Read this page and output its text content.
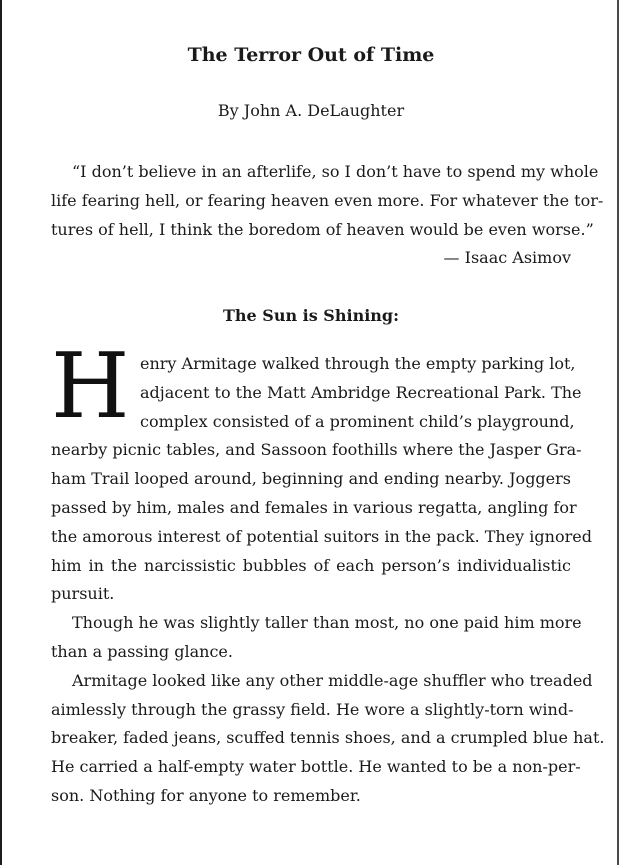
The Terror Out of Time

By John A. DeLaughter

“I don’t believe in an afterlife, so I don’t have to spend my whole
life fearing hell, or fearing heaven even more. For whatever the tor-
tures of hell, I think the boredom of heaven would be even worse.”
— Isaac Asimov
The Sun is Shining:
H enry Armitage walked through the empty parking lot,
adjacent to the Matt Ambridge Recreational Park. The
complex consisted of a prominent child’s playground,
nearby picnic tables, and Sassoon foothills where the Jasper Gra-
ham Trail looped around, beginning and ending nearby. Joggers
passed by him, males and females in various regatta, angling for
the amorous interest of potential suitors in the pack. They ignored
him in the narcissistic bubbles of each person’s individualistic
pursuit.
Though he was slightly taller than most, no one paid him more
than a passing glance.
Armitage looked like any other middle-age shuffler who treaded
aimlessly through the grassy field. He wore a slightly-torn wind-
breaker, faded jeans, scuffed tennis shoes, and a crumpled blue hat.
He carried a half-empty water bottle. He wanted to be a non-per-
son. Nothing for anyone to remember.
